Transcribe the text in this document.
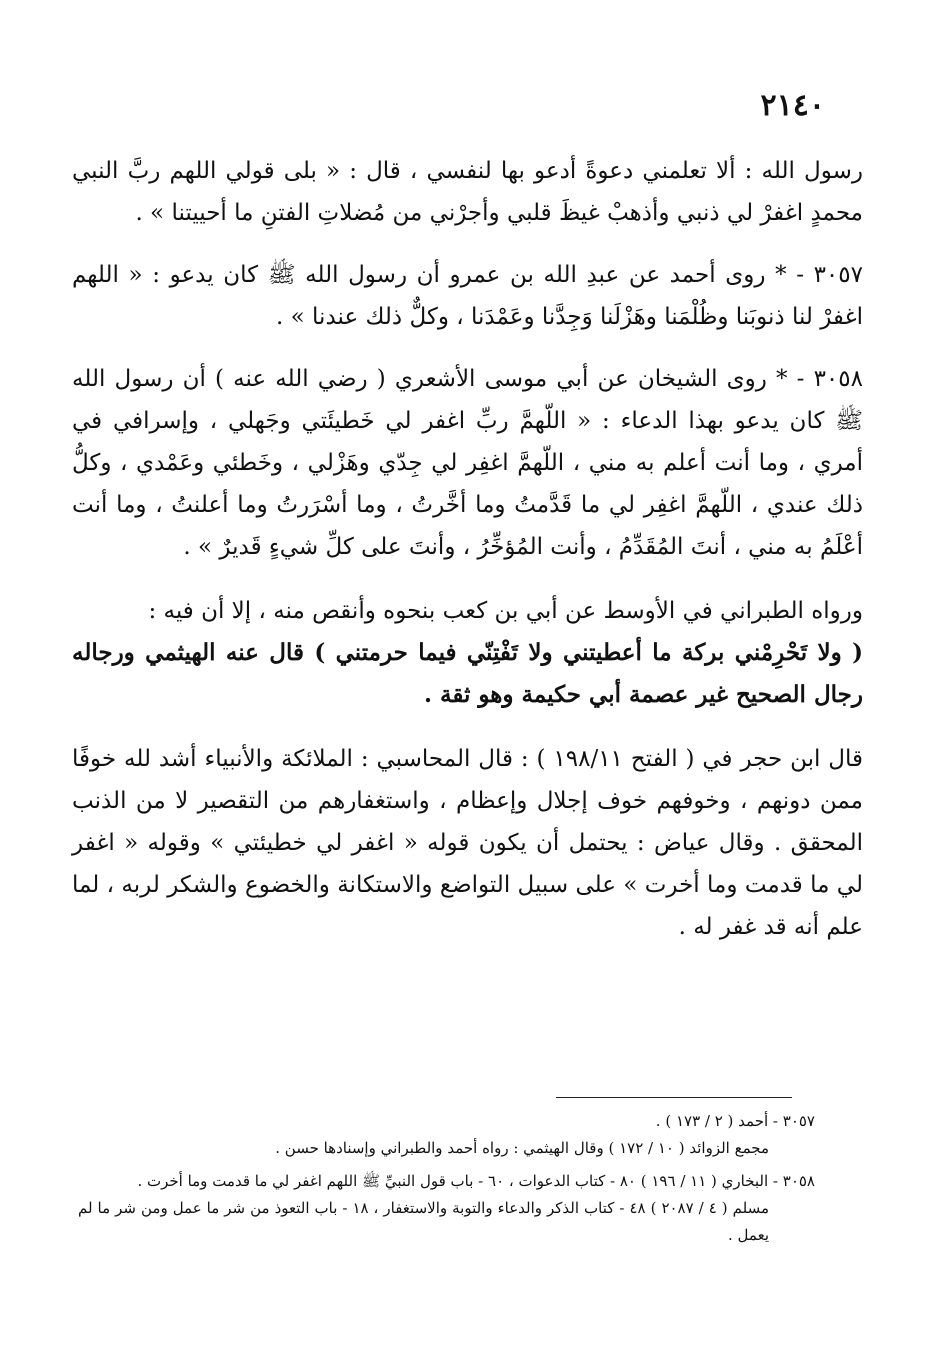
٢١٤٠

رسول الله : ألا تعلمني دعوةً أدعو بها لنفسي ، قال : « بلى قولي اللهم ربَّ النبي محمدٍ اغفرْ لي ذنبي وأذهبْ غيظَ قلبي وأجرْني من مُضلاتِ الفتنِ ما أحييتنا » .

٣٠٥٧ - * روى أحمد عن عبدِ الله بن عمرو أن رسول الله ﷺ كان يدعو : « اللهم اغفرْ لنا ذنوبَنا وظُلْمَنا وهَزْلَنا وَجِدَّنا وعَمْدَنا ، وكلٌّ ذلك عندنا » .

٣٠٥٨ - * روى الشيخان عن أبي موسى الأشعري ( رضي الله عنه ) أن رسول الله ﷺ كان يدعو بهذا الدعاء : « اللّهمَّ ربِّ اغفر لي خَطيئَتي وجَهلي ، وإسرافي في أمري ، وما أنت أعلم به مني ، اللّهمَّ اغفِر لي جِدّي وهَزْلي ، وخَطئي وعَمْدي ، وكلُّ ذلك عندي ، اللّهمَّ اغفِر لي ما قَدَّمتُ وما أخَّرتُ ، وما أسْرَرتُ وما أعلنتُ ، وما أنت أعْلَمُ به مني ، أنتَ المُقَدِّمُ ، وأنت المُؤخِّرُ ، وأنتَ على كلِّ شيءٍ قَديرٌ » .

ورواه الطبراني في الأوسط عن أبي بن كعب بنحوه وأنقص منه ، إلا أن فيه :

( ولا تَحْرِمْني بركة ما أعطيتني ولا تَفْتِنّي فيما حرمتني ) قال عنه الهيثمي ورجاله رجال الصحيح غير عصمة أبي حكيمة وهو ثقة .

قال ابن حجر في ( الفتح ١٩٨/١١ ) : قال المحاسبي : الملائكة والأنبياء أشد لله خوفًا ممن دونهم ، وخوفهم خوف إجلال وإعظام ، واستغفارهم من التقصير لا من الذنب المحقق . وقال عياض : يحتمل أن يكون قوله « اغفر لي خطيئتي » وقوله « اغفر لي ما قدمت وما أخرت » على سبيل التواضع والاستكانة والخضوع والشكر لربه ، لما علم أنه قد غفر له .

٣٠٥٧ - أحمد ( ٢ / ١٧٣ ) .

مجمع الزوائد ( ١٠ / ١٧٢ ) وقال الهيثمي : رواه أحمد والطبراني وإسنادها حسن .

٣٠٥٨ - البخاري ( ١١ / ١٩٦ ) ٨٠ - كتاب الدعوات ، ٦٠ - باب قول النبيِّ ﷺ اللهم اغفر لي ما قدمت وما أخرت .

مسلم ( ٤ / ٢٠٨٧ ) ٤٨ - كتاب الذكر والدعاء والتوبة والاستغفار ، ١٨ - باب التعوذ من شر ما عمل ومن شر ما لم يعمل .
